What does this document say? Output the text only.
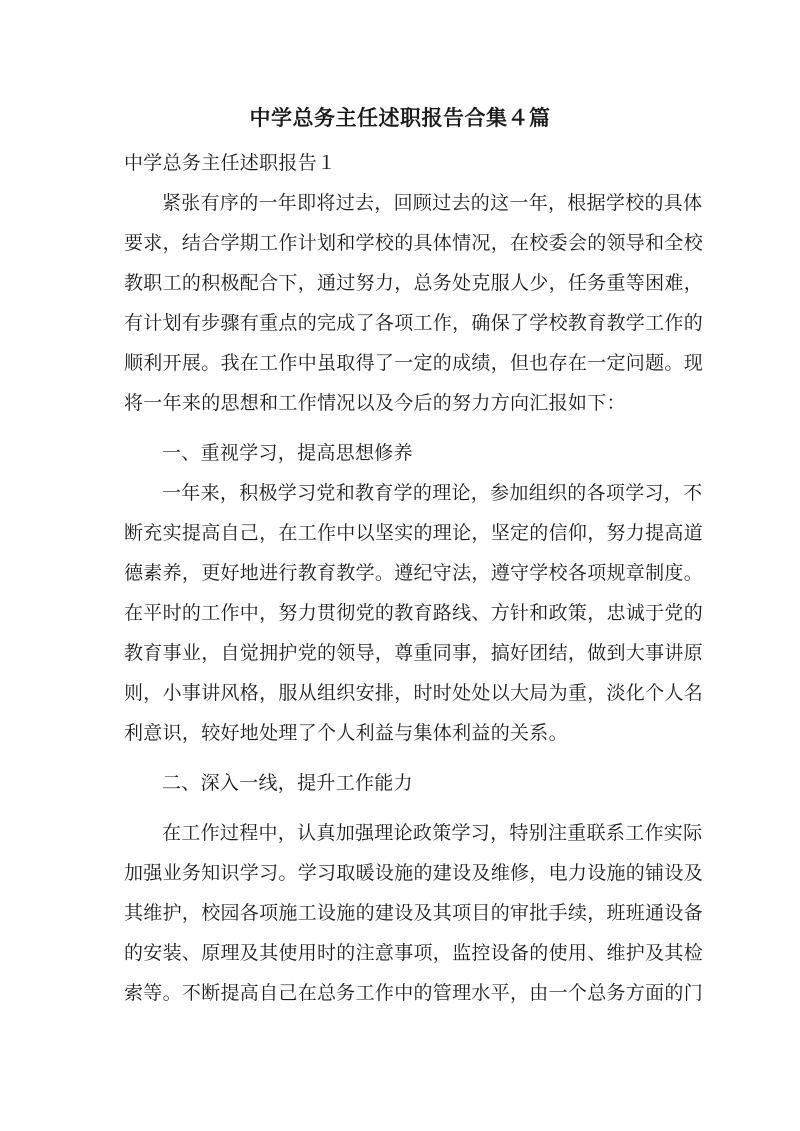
中学总务主任述职报告合集４篇
中学总务主任述职报告１
紧张有序的一年即将过去，回顾过去的这一年，根据学校的具体
要求，结合学期工作计划和学校的具体情况，在校委会的领导和全校
教职工的积极配合下，通过努力，总务处克服人少，任务重等困难，
有计划有步骤有重点的完成了各项工作，确保了学校教育教学工作的
顺利开展。我在工作中虽取得了一定的成绩，但也存在一定问题。现
将一年来的思想和工作情况以及今后的努力方向汇报如下：
一、重视学习，提高思想修养
一年来，积极学习党和教育学的理论，参加组织的各项学习，不
断充实提高自己，在工作中以坚实的理论，坚定的信仰，努力提高道
德素养，更好地进行教育教学。遵纪守法，遵守学校各项规章制度。
在平时的工作中，努力贯彻党的教育路线、方针和政策，忠诚于党的
教育事业，自觉拥护党的领导，尊重同事，搞好团结，做到大事讲原
则，小事讲风格，服从组织安排，时时处处以大局为重，淡化个人名
利意识，较好地处理了个人利益与集体利益的关系。
二、深入一线，提升工作能力
在工作过程中，认真加强理论政策学习，特别注重联系工作实际
加强业务知识学习。学习取暖设施的建设及维修，电力设施的铺设及
其维护，校园各项施工设施的建设及其项目的审批手续，班班通设备
的安装、原理及其使用时的注意事项，监控设备的使用、维护及其检
索等。不断提高自己在总务工作中的管理水平，由一个总务方面的门
